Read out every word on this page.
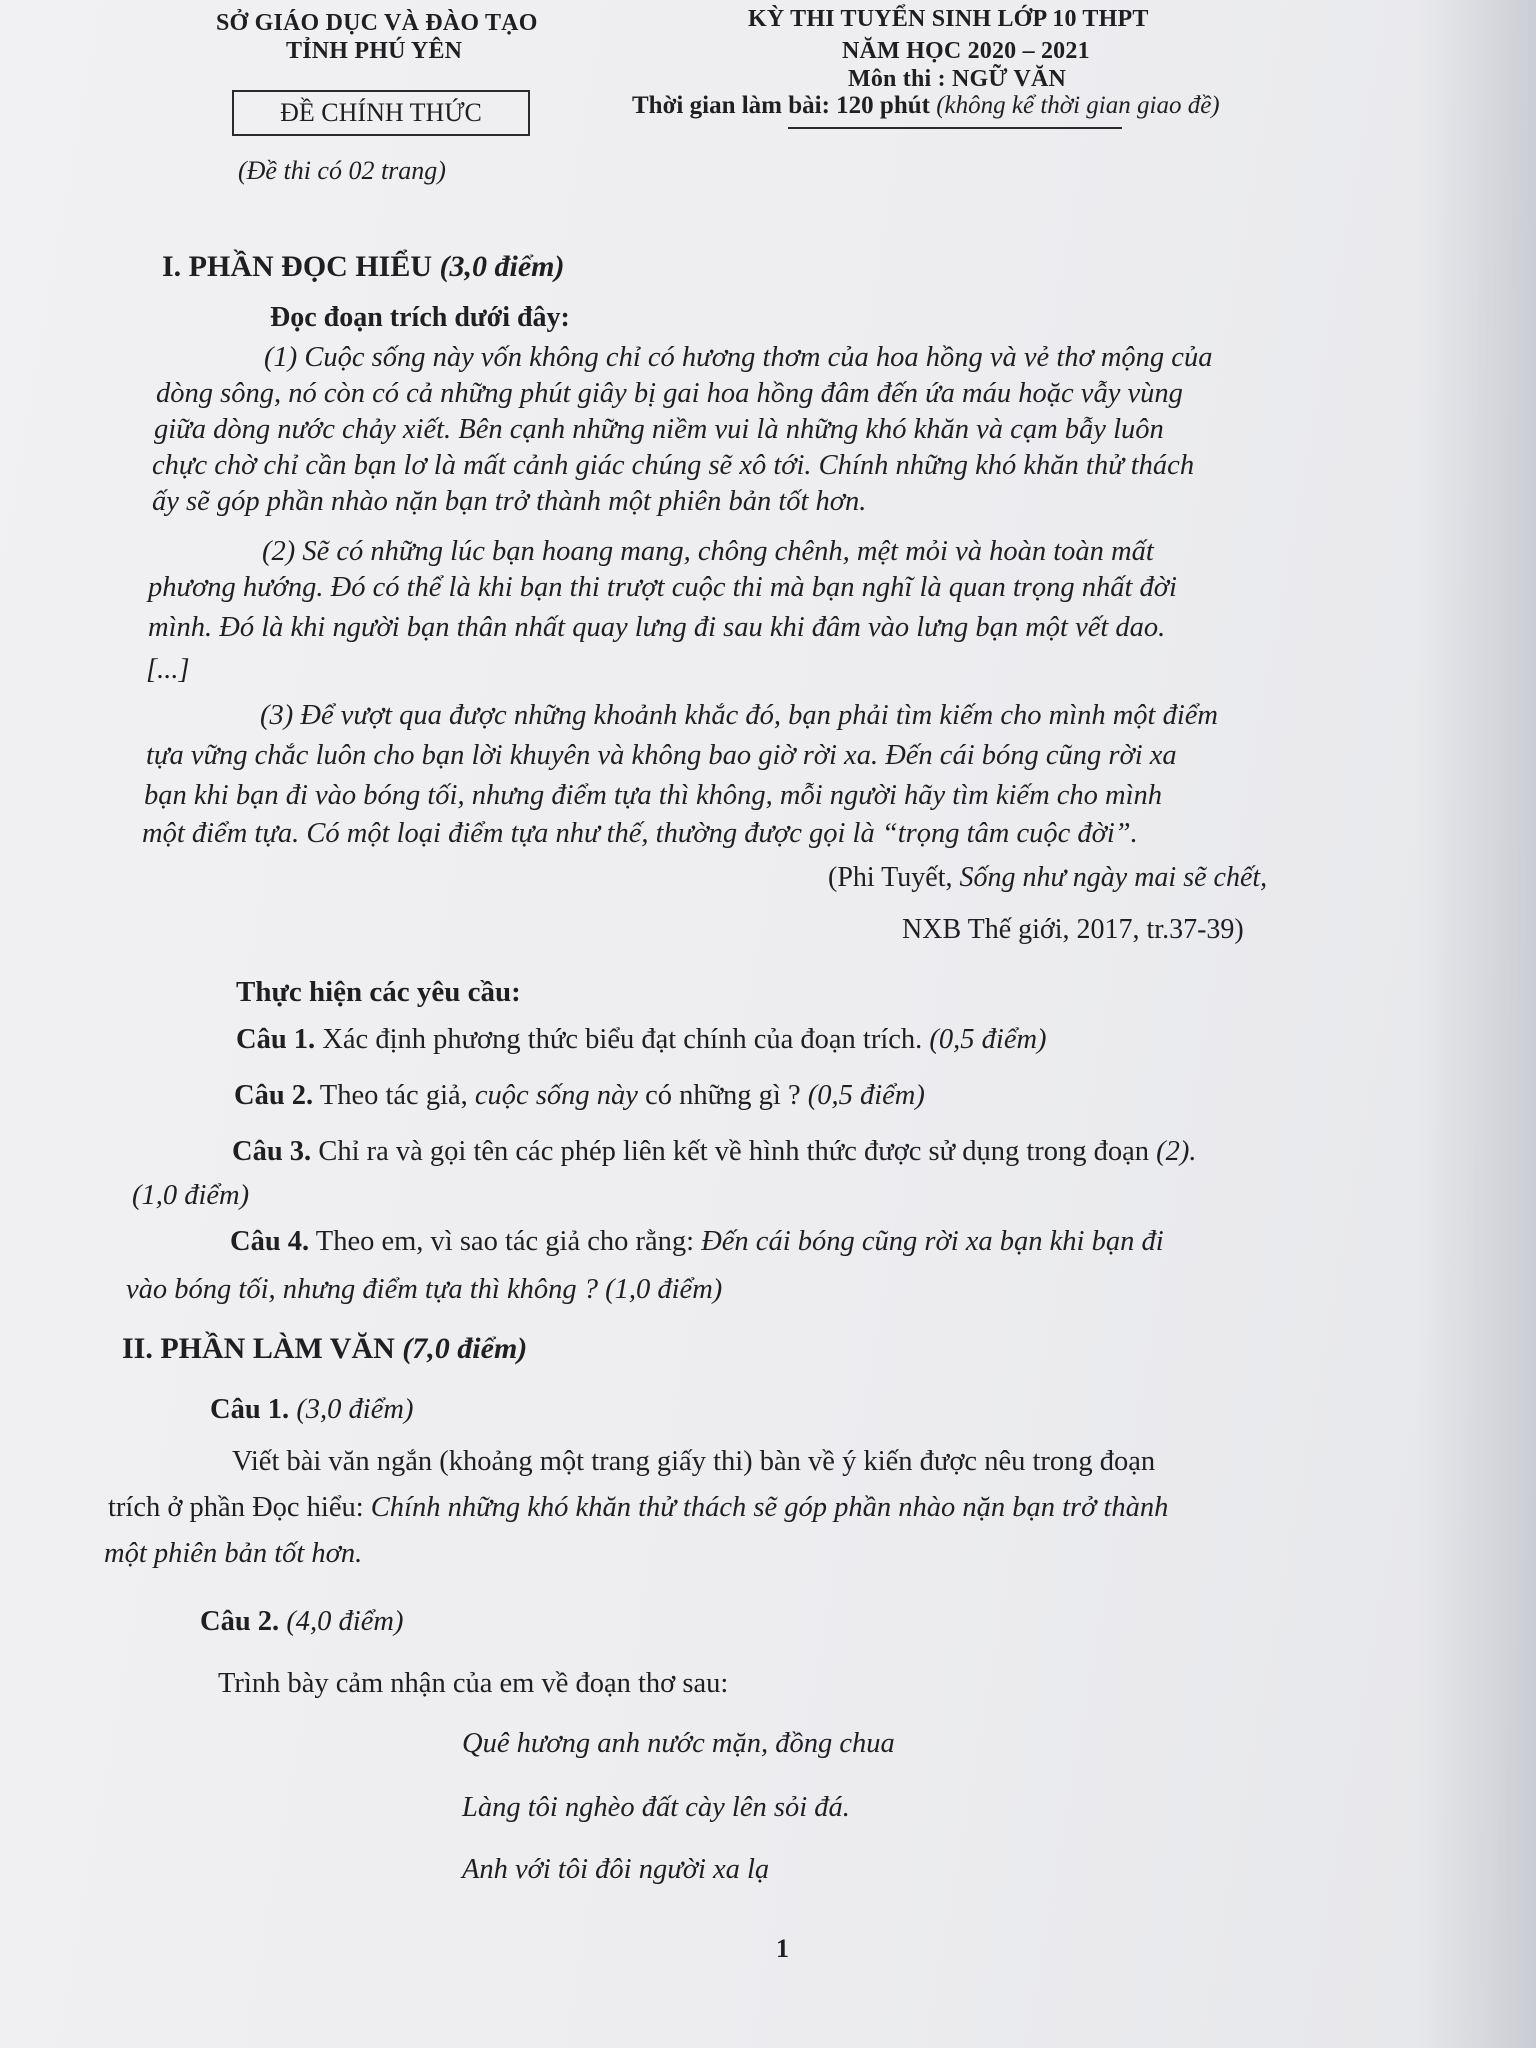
SỞ GIÁO DỤC VÀ ĐÀO TẠO
TỈNH PHÚ YÊN
KỲ THI TUYỂN SINH LỚP 10 THPT
NĂM HỌC 2020 – 2021
Môn thi : NGỮ VĂN
ĐỀ CHÍNH THỨC	Thời gian làm bài: 120 phút (không kể thời gian giao đề)
(Đề thi có 02 trang)
I. PHẦN ĐỌC HIỂU (3,0 điểm)
Đọc đoạn trích dưới đây:
(1) Cuộc sống này vốn không chỉ có hương thơm của hoa hồng và vẻ thơ mộng của
dòng sông, nó còn có cả những phút giây bị gai hoa hồng đâm đến ứa máu hoặc vẫy vùng
giữa dòng nước chảy xiết. Bên cạnh những niềm vui là những khó khăn và cạm bẫy luôn
chực chờ chỉ cần bạn lơ là mất cảnh giác chúng sẽ xô tới. Chính những khó khăn thử thách
ấy sẽ góp phần nhào nặn bạn trở thành một phiên bản tốt hơn.
(2) Sẽ có những lúc bạn hoang mang, chông chênh, mệt mỏi và hoàn toàn mất
phương hướng. Đó có thể là khi bạn thi trượt cuộc thi mà bạn nghĩ là quan trọng nhất đời
mình. Đó là khi người bạn thân nhất quay lưng đi sau khi đâm vào lưng bạn một vết dao.
[...]
(3) Để vượt qua được những khoảnh khắc đó, bạn phải tìm kiếm cho mình một điểm
tựa vững chắc luôn cho bạn lời khuyên và không bao giờ rời xa. Đến cái bóng cũng rời xa
bạn khi bạn đi vào bóng tối, nhưng điểm tựa thì không, mỗi người hãy tìm kiếm cho mình
một điểm tựa. Có một loại điểm tựa như thế, thường được gọi là “trọng tâm cuộc đời”.
(Phi Tuyết, Sống như ngày mai sẽ chết,
NXB Thế giới, 2017, tr.37-39)
Thực hiện các yêu cầu:
Câu 1. Xác định phương thức biểu đạt chính của đoạn trích. (0,5 điểm)
Câu 2. Theo tác giả, cuộc sống này có những gì ? (0,5 điểm)
Câu 3. Chỉ ra và gọi tên các phép liên kết về hình thức được sử dụng trong đoạn (2).
(1,0 điểm)
Câu 4. Theo em, vì sao tác giả cho rằng: Đến cái bóng cũng rời xa bạn khi bạn đi
vào bóng tối, nhưng điểm tựa thì không ? (1,0 điểm)
II. PHẦN LÀM VĂN (7,0 điểm)
Câu 1. (3,0 điểm)
Viết bài văn ngắn (khoảng một trang giấy thi) bàn về ý kiến được nêu trong đoạn
trích ở phần Đọc hiểu: Chính những khó khăn thử thách sẽ góp phần nhào nặn bạn trở thành
một phiên bản tốt hơn.
Câu 2. (4,0 điểm)
Trình bày cảm nhận của em về đoạn thơ sau:
Quê hương anh nước mặn, đồng chua
Làng tôi nghèo đất cày lên sỏi đá.
Anh với tôi đôi người xa lạ
1
